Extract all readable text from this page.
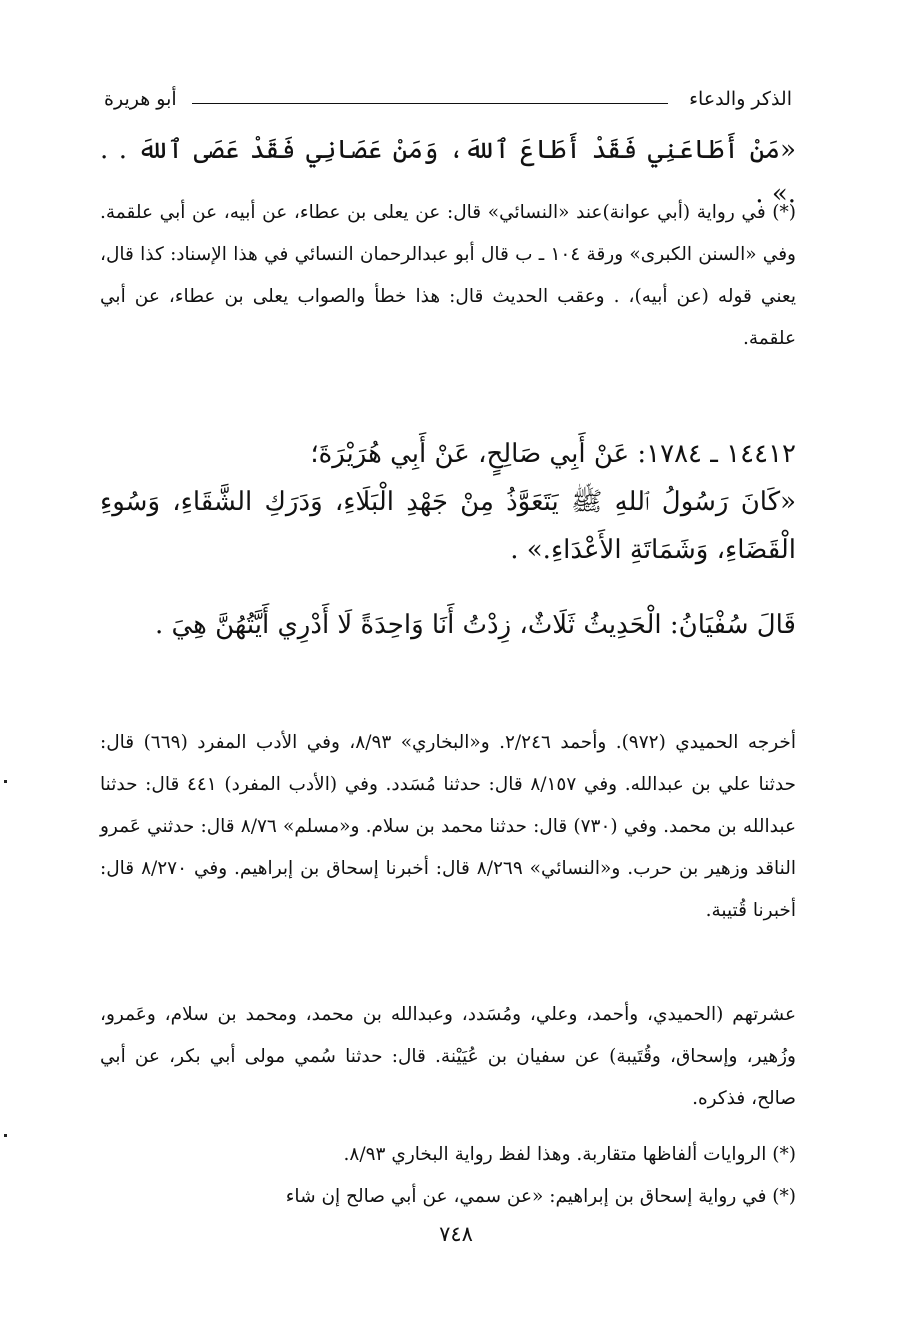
الذكر والدعاء
أبو هريرة

«مَنْ أَطَاعَنِي فَقَدْ أَطَاعَ ٱللهَ، وَمَنْ عَصَانِي فَقَدْ عَصَى ٱللهَ . . .» .

(*) في رواية (أبي عوانة)عند «النسائي» قال: عن يعلى بن عطاء، عن أبيه، عن أبي علقمة. وفي «السنن الكبرى» ورقة ١٠٤ ـ ب قال أبو عبدالرحمان النسائي في هذا الإسناد: كذا قال، يعني قوله (عن أبيه)، . وعقب الحديث قال: هذا خطأ والصواب يعلى بن عطاء، عن أبي علقمة.

١٤٤١٢ ـ ١٧٨٤: عَنْ أَبِي صَالِحٍ، عَنْ أَبِي هُرَيْرَةَ؛

«كَانَ رَسُولُ ٱللهِ ﷺ يَتَعَوَّذُ مِنْ جَهْدِ الْبَلَاءِ، وَدَرَكِ الشَّقَاءِ، وَسُوءِ الْقَضَاءِ، وَشَمَاتَةِ الأَعْدَاءِ.» .

قَالَ سُفْيَانُ: الْحَدِيثُ ثَلَاثٌ، زِدْتُ أَنَا وَاحِدَةً لَا أَدْرِي أَيَّتُهُنَّ هِيَ .

أخرجه الحميدي (٩٧٢). وأحمد ٢/٢٤٦. و«البخاري» ٨/٩٣، وفي الأدب المفرد (٦٦٩) قال: حدثنا علي بن عبدالله. وفي ٨/١٥٧ قال: حدثنا مُسَدد. وفي (الأدب المفرد) ٤٤١ قال: حدثنا عبدالله بن محمد. وفي (٧٣٠) قال: حدثنا محمد بن سلام. و«مسلم» ٨/٧٦ قال: حدثني عَمرو الناقد وزهير بن حرب. و«النسائي» ٨/٢٦٩ قال: أخبرنا إسحاق بن إبراهيم. وفي ٨/٢٧٠ قال: أخبرنا قُتيبة.

عشرتهم (الحميدي، وأحمد، وعلي، ومُسَدد، وعبدالله بن محمد، ومحمد بن سلام، وعَمرو، وزُهير، وإسحاق، وقُتَيبة) عن سفيان بن عُيَيْنة. قال: حدثنا سُمي مولى أبي بكر، عن أبي صالح، فذكره.

(*) الروايات ألفاظها متقاربة. وهذا لفظ رواية البخاري ٨/٩٣.

(*) في رواية إسحاق بن إبراهيم: «عن سمي، عن أبي صالح إن شاء

٧٤٨
